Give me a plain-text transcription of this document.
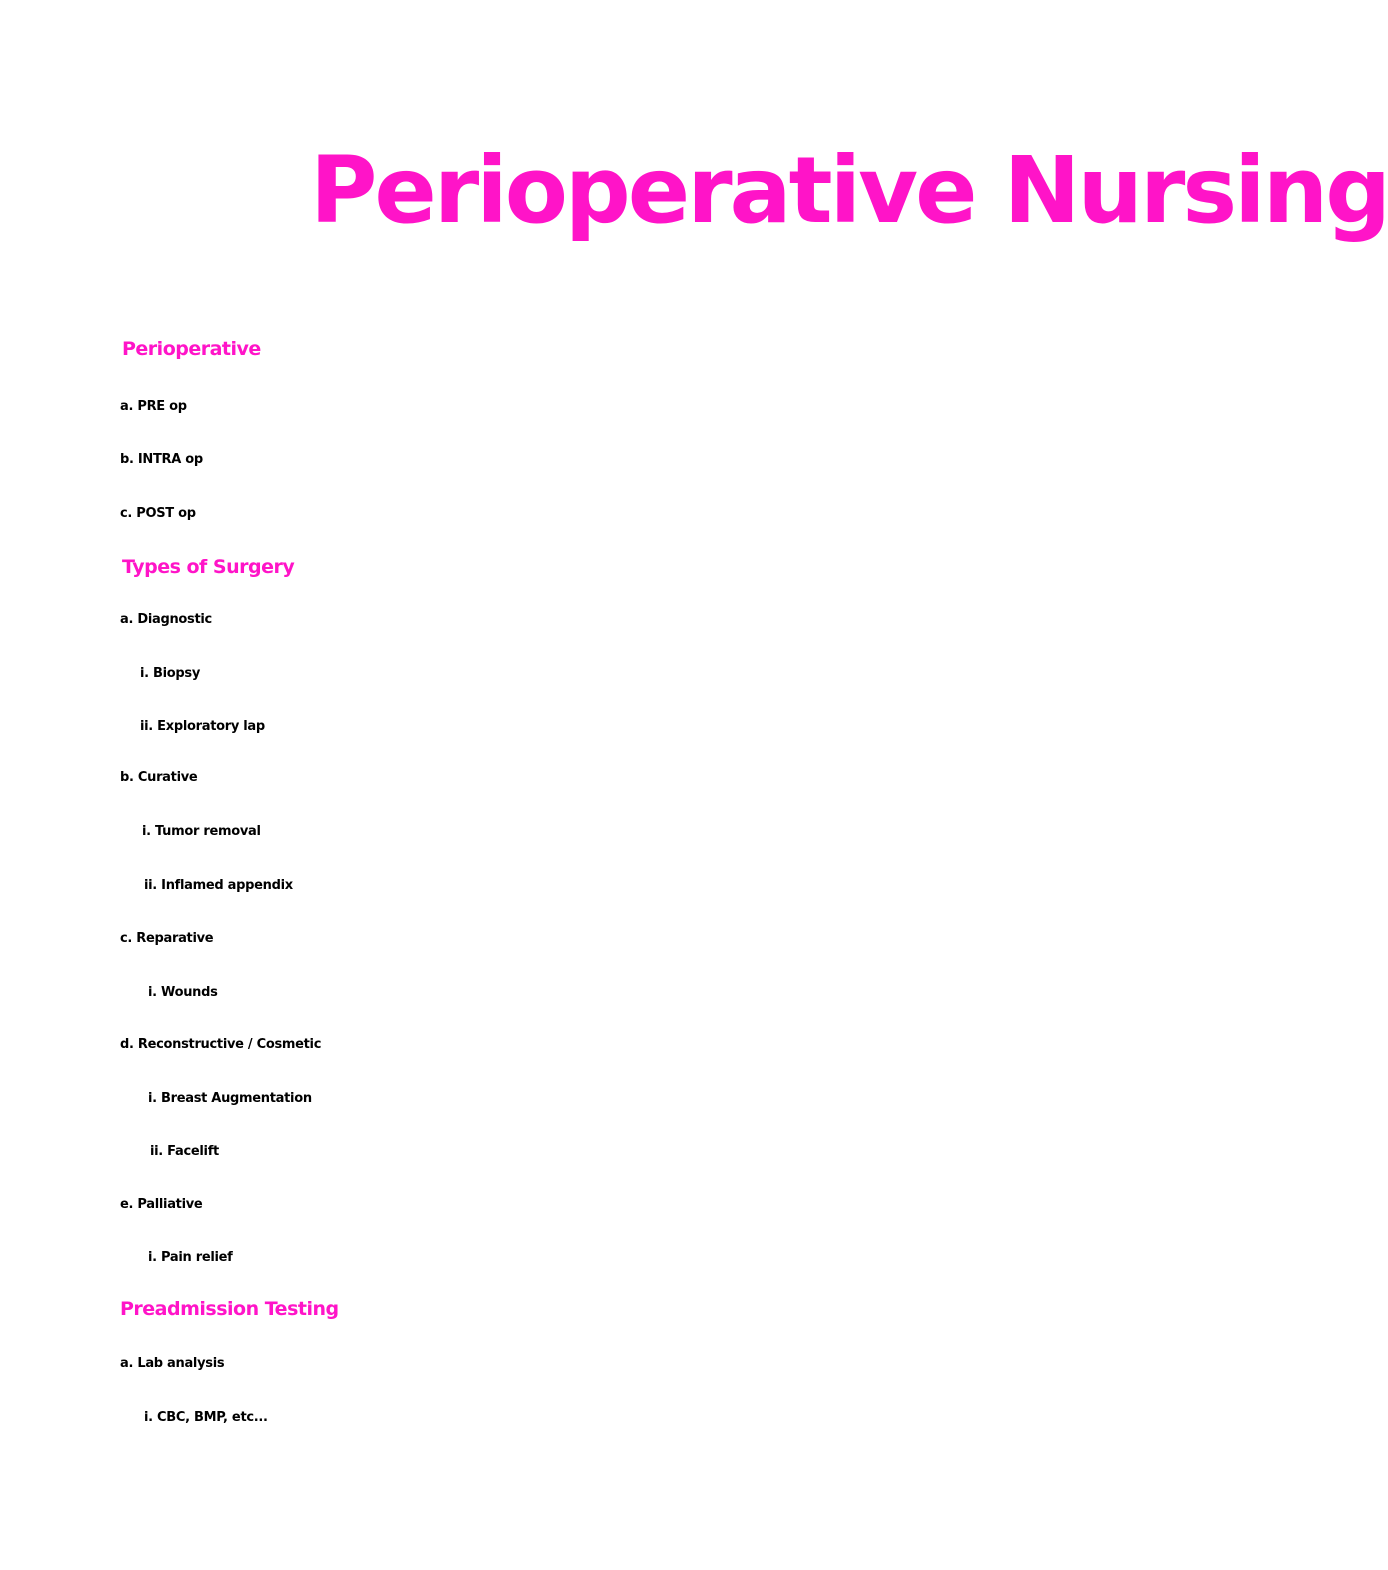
Perioperative Nursing
Perioperative
a. PRE op
b. INTRA op
c. POST op
Types of Surgery
a. Diagnostic
i. Biopsy
ii. Exploratory lap
b. Curative
i. Tumor removal
ii. Inflamed appendix
c. Reparative
i. Wounds
d. Reconstructive / Cosmetic
i. Breast Augmentation
ii. Facelift
e. Palliative
i. Pain relief
Preadmission Testing
a. Lab analysis
i. CBC, BMP, etc...
